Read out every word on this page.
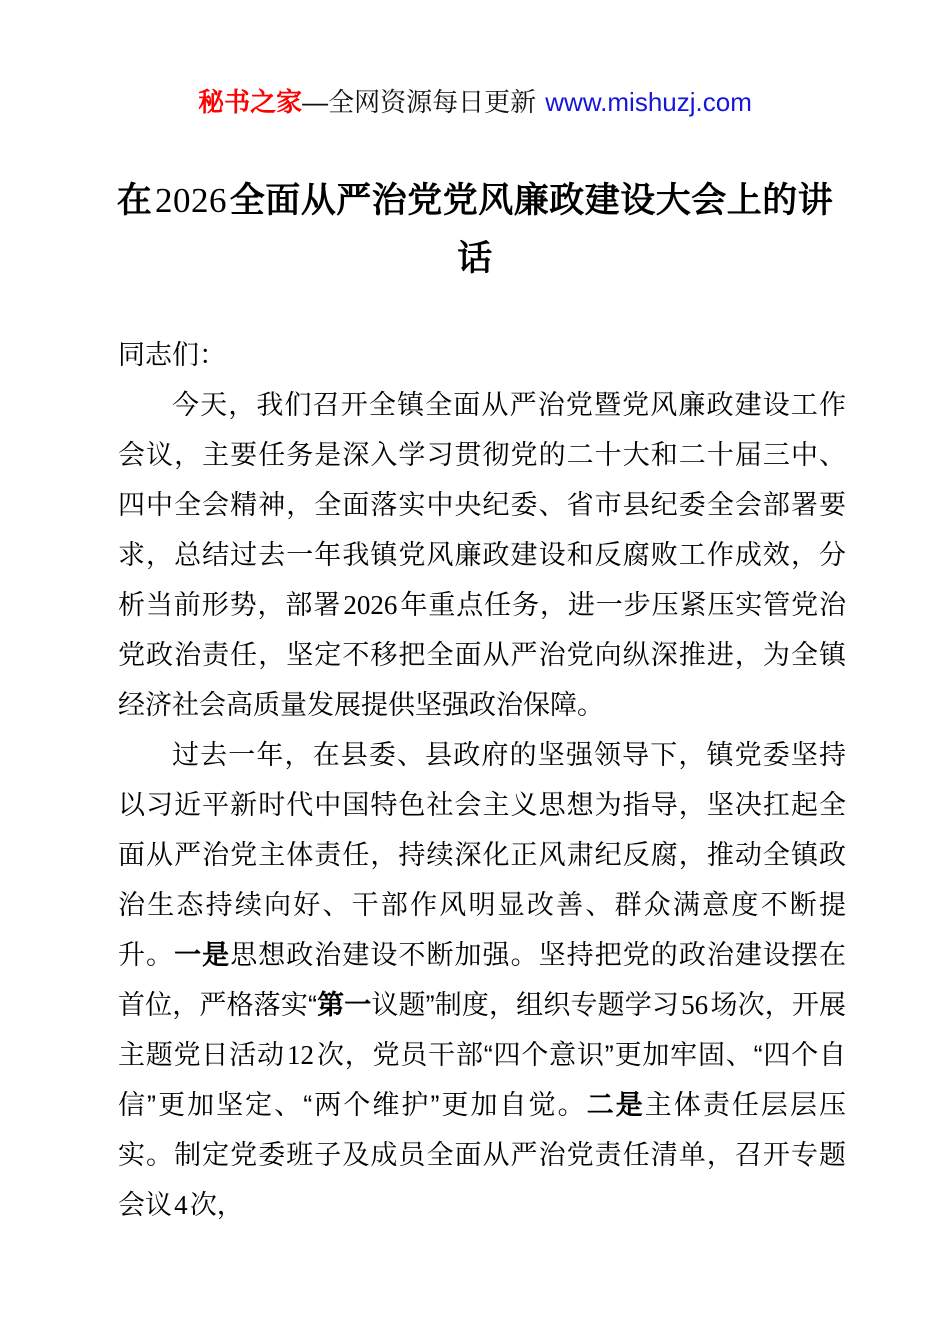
秘书之家—全网资源每日更新 www.mishuzj.com
在2026全面从严治党党风廉政建设大会上的讲话

同志们：

今天，我们召开全镇全面从严治党暨党风廉政建设工作会议，主要任务是深入学习贯彻党的二十大和二十届三中、四中全会精神，全面落实中央纪委、省市县纪委全会部署要求，总结过去一年我镇党风廉政建设和反腐败工作成效，分析当前形势，部署2026年重点任务，进一步压紧压实管党治党政治责任，坚定不移把全面从严治党向纵深推进，为全镇经济社会高质量发展提供坚强政治保障。

过去一年，在县委、县政府的坚强领导下，镇党委坚持以习近平新时代中国特色社会主义思想为指导，坚决扛起全面从严治党主体责任，持续深化正风肃纪反腐，推动全镇政治生态持续向好、干部作风明显改善、群众满意度不断提升。一是思想政治建设不断加强。坚持把党的政治建设摆在首位，严格落实“第一议题”制度，组织专题学习56场次，开展主题党日活动12次，党员干部“四个意识”更加牢固、“四个自信”更加坚定、“两个维护”更加自觉。二是主体责任层层压实。制定党委班子及成员全面从严治党责任清单，召开专题会议4次，
